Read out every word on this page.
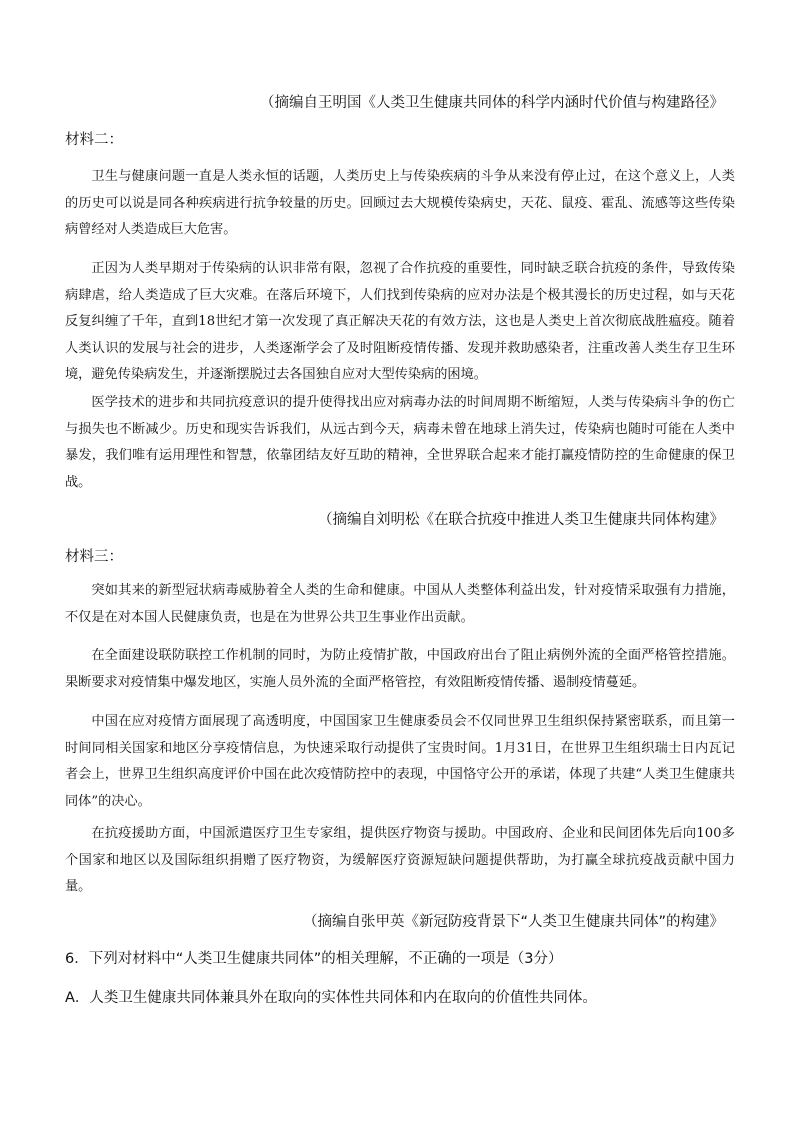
（摘编自王明国《人类卫生健康共同体的科学内涵时代价值与构建路径》
材料二：

卫生与健康问题一直是人类永恒的话题，人类历史上与传染疾病的斗争从来没有停止过，在这个意义上，人类的历史可以说是同各种疾病进行抗争较量的历史。回顾过去大规模传染病史，天花、鼠疫、霍乱、流感等这些传染病曾经对人类造成巨大危害。

正因为人类早期对于传染病的认识非常有限，忽视了合作抗疫的重要性，同时缺乏联合抗疫的条件，导致传染病肆虐，给人类造成了巨大灾难。在落后环境下，人们找到传染病的应对办法是个极其漫长的历史过程，如与天花反复纠缠了千年，直到18世纪才第一次发现了真正解决天花的有效方法，这也是人类史上首次彻底战胜瘟疫。随着人类认识的发展与社会的进步，人类逐渐学会了及时阻断疫情传播、发现并救助感染者，注重改善人类生存卫生环境，避免传染病发生，并逐渐摆脱过去各国独自应对大型传染病的困境。

医学技术的进步和共同抗疫意识的提升使得找出应对病毒办法的时间周期不断缩短，人类与传染病斗争的伤亡与损失也不断减少。历史和现实告诉我们，从远古到今天，病毒未曾在地球上消失过，传染病也随时可能在人类中暴发，我们唯有运用理性和智慧，依靠团结友好互助的精神，全世界联合起来才能打赢疫情防控的生命健康的保卫战。

（摘编自刘明松《在联合抗疫中推进人类卫生健康共同体构建》
材料三：

突如其来的新型冠状病毒威胁着全人类的生命和健康。中国从人类整体利益出发，针对疫情采取强有力措施，不仅是在对本国人民健康负责，也是在为世界公共卫生事业作出贡献。

在全面建设联防联控工作机制的同时，为防止疫情扩散，中国政府出台了阻止病例外流的全面严格管控措施。果断要求对疫情集中爆发地区，实施人员外流的全面严格管控，有效阻断疫情传播、遏制疫情蔓延。

中国在应对疫情方面展现了高透明度，中国国家卫生健康委员会不仅同世界卫生组织保持紧密联系，而且第一时间同相关国家和地区分享疫情信息，为快速采取行动提供了宝贵时间。1月31日，在世界卫生组织瑞士日内瓦记者会上，世界卫生组织高度评价中国在此次疫情防控中的表现，中国恪守公开的承诺，体现了共建“人类卫生健康共同体”的决心。

在抗疫援助方面，中国派遣医疗卫生专家组，提供医疗物资与援助。中国政府、企业和民间团体先后向100多个国家和地区以及国际组织捐赠了医疗物资，为缓解医疗资源短缺问题提供帮助，为打赢全球抗疫战贡献中国力量。

（摘编自张甲英《新冠防疫背景下“人类卫生健康共同体”的构建》
6．下列对材料中“人类卫生健康共同体”的相关理解，不正确的一项是（3分）
A．人类卫生健康共同体兼具外在取向的实体性共同体和内在取向的价值性共同体。
